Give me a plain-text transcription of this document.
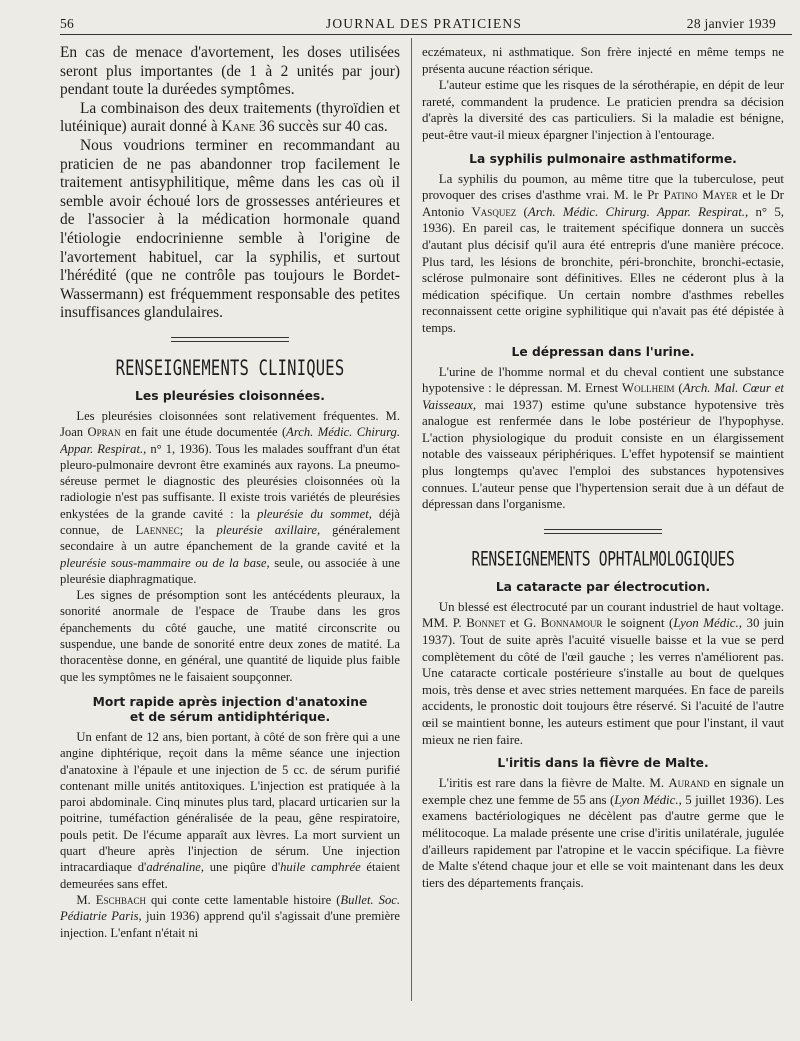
56	JOURNAL DES PRATICIENS	28 janvier 1939

En cas de menace d'avortement, les doses utilisées seront plus importantes (de 1 à 2 unités par jour) pendant toute la duréedes symptômes.

La combinaison des deux traitements (thyroïdien et lutéinique) aurait donné à Kane 36 succès sur 40 cas.

Nous voudrions terminer en recommandant au praticien de ne pas abandonner trop facilement le traitement antisyphilitique, même dans les cas où il semble avoir échoué lors de grossesses antérieures et de l'associer à la médication hormonale quand l'étiologie endocrinienne semble à l'origine de l'avortement habituel, car la syphilis, et surtout l'hérédité (que ne contrôle pas toujours le Bordet-Wassermann) est fréquemment responsable des petites insuffisances glandulaires.

RENSEIGNEMENTS CLINIQUES
Les pleurésies cloisonnées.

Les pleurésies cloisonnées sont relativement fréquentes. M. Joan Opran en fait une étude documentée (Arch. Médic. Chirurg. Appar. Respirat., n° 1, 1936). Tous les malades souffrant d'un état pleuro-pulmonaire devront être examinés aux rayons. La pneumo-séreuse permet le diagnostic des pleurésies cloisonnées où la radiologie n'est pas suffisante. Il existe trois variétés de pleurésies enkystées de la grande cavité : la pleurésie du sommet, déjà connue, de Laennec; la pleurésie axillaire, généralement secondaire à un autre épanchement de la grande cavité et la pleurésie sous-mammaire ou de la base, seule, ou associée à une pleurésie diaphragmatique.

Les signes de présomption sont les antécédents pleuraux, la sonorité anormale de l'espace de Traube dans les gros épanchements du côté gauche, une matité circonscrite ou suspendue, une bande de sonorité entre deux zones de matité. La thoracentèse donne, en général, une quantité de liquide plus faible que les symptômes ne le faisaient soupçonner.

Mort rapide après injection d'anatoxine
et de sérum antidiphtérique.

Un enfant de 12 ans, bien portant, à côté de son frère qui a une angine diphtérique, reçoit dans la même séance une injection d'anatoxine à l'épaule et une injection de 5 cc. de sérum purifié contenant mille unités antitoxiques. L'injection est pratiquée à la paroi abdominale. Cinq minutes plus tard, placard urticarien sur la poitrine, tuméfaction généralisée de la peau, gêne respiratoire, pouls petit. De l'écume apparaît aux lèvres. La mort survient un quart d'heure après l'injection de sérum. Une injection intracardiaque d'adrénaline, une piqûre d'huile camphrée étaient demeurées sans effet.

M. Eschbach qui conte cette lamentable histoire (Bullet. Soc. Pédiatrie Paris, juin 1936) apprend qu'il s'agissait d'une première injection. L'enfant n'était ni

eczémateux, ni asthmatique. Son frère injecté en même temps ne présenta aucune réaction sérique.

L'auteur estime que les risques de la sérothérapie, en dépit de leur rareté, commandent la prudence. Le praticien prendra sa décision d'après la diversité des cas particuliers. Si la maladie est bénigne, peut-être vaut-il mieux épargner l'injection à l'entourage.

La syphilis pulmonaire asthmatiforme.

La syphilis du poumon, au même titre que la tuberculose, peut provoquer des crises d'asthme vrai. M. le Pr Patino Mayer et le Dr Antonio Vasquez (Arch. Médic. Chirurg. Appar. Respirat., n° 5, 1936). En pareil cas, le traitement spécifique donnera un succès d'autant plus décisif qu'il aura été entrepris d'une manière précoce. Plus tard, les lésions de bronchite, péri-bronchite, bronchi-ectasie, sclérose pulmonaire sont définitives. Elles ne céderont plus à la médication spécifique. Un certain nombre d'asthmes rebelles reconnaissent cette origine syphilitique qui n'avait pas été dépistée à temps.

Le dépressan dans l'urine.

L'urine de l'homme normal et du cheval contient une substance hypotensive : le dépressan. M. Ernest Wollheim (Arch. Mal. Cœur et Vaisseaux, mai 1937) estime qu'une substance hypotensive très analogue est renfermée dans le lobe postérieur de l'hypophyse. L'action physiologique du produit consiste en un élargissement notable des vaisseaux périphériques. L'effet hypotensif se maintient plus longtemps qu'avec l'emploi des substances hypotensives connues. L'auteur pense que l'hypertension serait due à un défaut de dépressan dans l'organisme.

RENSEIGNEMENTS OPHTALMOLOGIQUES
La cataracte par électrocution.

Un blessé est électrocuté par un courant industriel de haut voltage. MM. P. Bonnet et G. Bonnamour le soignent (Lyon Médic., 30 juin 1937). Tout de suite après l'acuité visuelle baisse et la vue se perd complètement du côté de l'œil gauche ; les verres n'améliorent pas. Une cataracte corticale postérieure s'installe au bout de quelques mois, très dense et avec stries nettement marquées. En face de pareils accidents, le pronostic doit toujours être réservé. Si l'acuité de l'autre œil se maintient bonne, les auteurs estiment que pour l'instant, il vaut mieux ne rien faire.

L'iritis dans la fièvre de Malte.

L'iritis est rare dans la fièvre de Malte. M. Aurand en signale un exemple chez une femme de 55 ans (Lyon Médic., 5 juillet 1936). Les examens bactériologiques ne décèlent pas d'autre germe que le mélitocoque. La malade présente une crise d'iritis unilatérale, jugulée d'ailleurs rapidement par l'atropine et le vaccin spécifique. La fièvre de Malte s'étend chaque jour et elle se voit maintenant dans les deux tiers des départements français.
